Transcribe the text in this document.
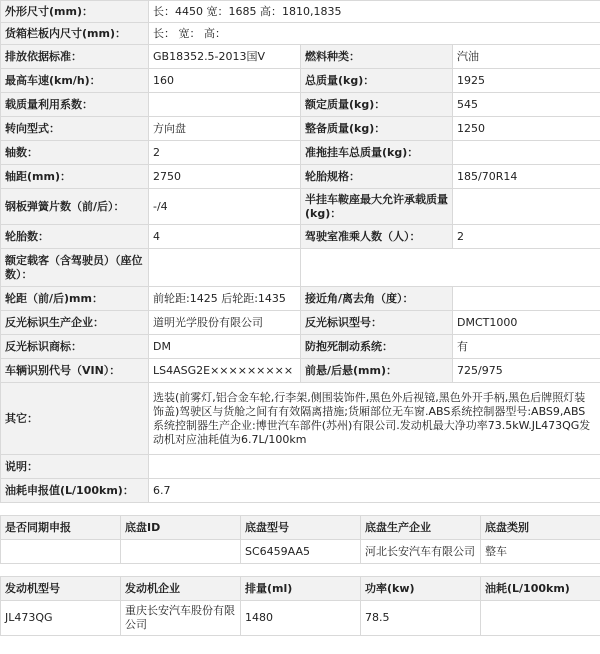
外形尺寸(mm)：	长：4450 宽：1685 高：1810,1835		
货箱栏板内尺寸(mm)：	长： 宽： 高：		
排放依据标准：	GB18352.5-2013国Ⅴ	燃料种类：	汽油
最高车速(km/h)：	160	总质量(kg)：	1925
载质量利用系数：		额定质量(kg)：	545
转向型式：	方向盘	整备质量(kg)：	1250
轴数：	2	准拖挂车总质量(kg)：	
轴距(mm)：	2750	轮胎规格：	185/70R14
钢板弹簧片数（前/后）：	-/4	半挂车鞍座最大允许承载质量(kg)：	
轮胎数：	4	驾驶室准乘人数（人）：	2
额定载客（含驾驶员）（座位数）：			
轮距（前/后)mm：	前轮距:1425 后轮距:1435	接近角/离去角（度）：	
反光标识生产企业：	道明光学股份有限公司	反光标识型号：	DMCT1000
反光标识商标：	DM	防抱死制动系统：	有
车辆识别代号（VIN）：	LS4ASG2E×××××××××	前悬/后悬(mm)：	725/975
其它：	选装(前雾灯,铝合金车轮,行李架,侧围装饰件,黑色外后视镜,黑色外开手柄,黑色后牌照灯装饰盖)驾驶区与货舱之间有有效隔离措施;货厢部位无车窗.ABS系统控制器型号:ABS9,ABS系统控制器生产企业:博世汽车部件(苏州)有限公司.发动机最大净功率73.5kW.JL473QG发动机对应油耗值为6.7L/100km		
说明：			
油耗申报值(L/100km)：	6.7		
是否同期申报	底盘ID	底盘型号	底盘生产企业	底盘类别
		SC6459AA5	河北长安汽车有限公司	整车
发动机型号	发动机企业	排量(ml)	功率(kw)	油耗(L/100km)
JL473QG	重庆长安汽车股份有限公司	1480	78.5	
